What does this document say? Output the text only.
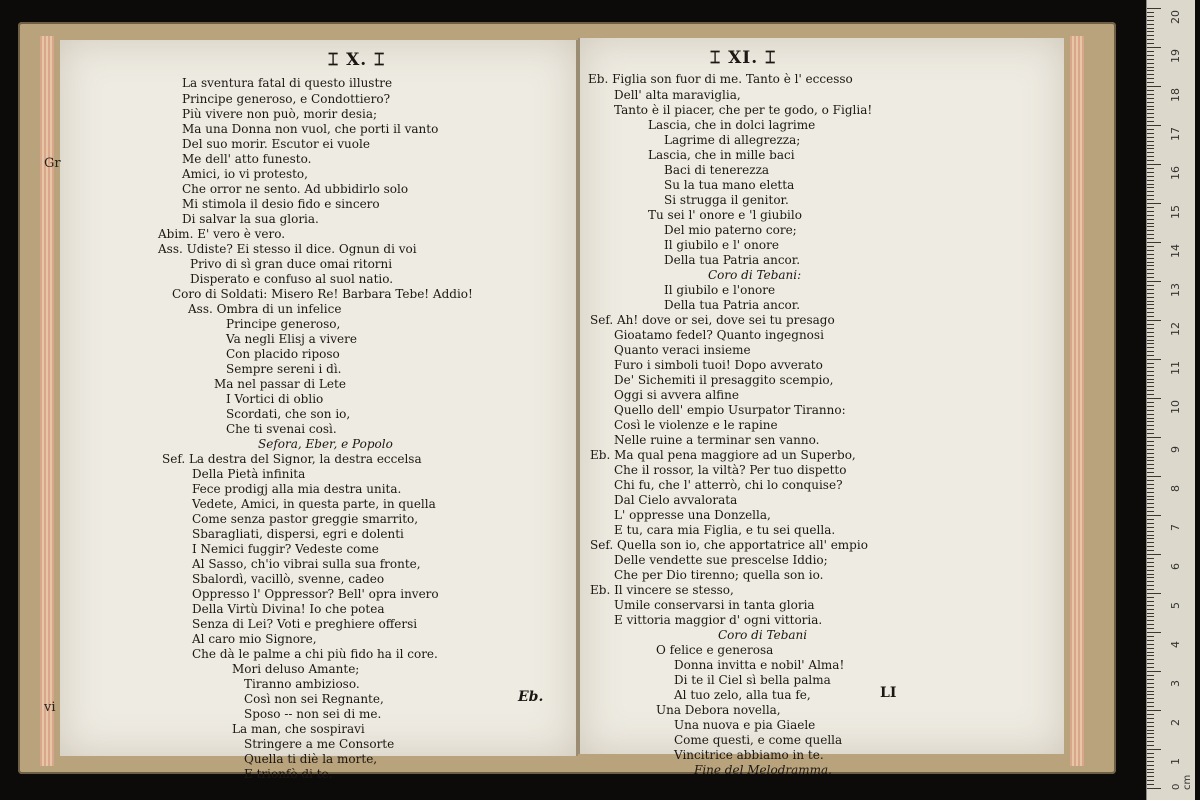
⌶ X. ⌶
La sventura fatal di questo illustre
Principe generoso, e Condottiero?
Più vivere non può, morir desia;
Ma una Donna non vuol, che porti il vanto
Del suo morir. Escutor ei vuole
Me dell' atto funesto.
Amici, io vi protesto,
Che orror ne sento. Ad ubbidirlo solo
Mi stimola il desio fido e sincero
Di salvar la sua gloria.
Abim. E' vero è vero.
Ass. Udiste? Ei stesso il dice. Ognun di voi
Privo di sì gran duce omai ritorni
Disperato e confuso al suol natio.
Coro di Soldati: Misero Re! Barbara Tebe! Addio!
Ass. Ombra di un infelice
Principe generoso,
Va negli Elisj a vivere
Con placido riposo
Sempre sereni i dì.
Ma nel passar di Lete
I Vortici di oblio
Scordati, che son io,
Che ti svenai così.
Sefora, Eber, e Popolo
Sef. La destra del Signor, la destra eccelsa
Della Pietà infinita
Fece prodigj alla mia destra unita.
Vedete, Amici, in questa parte, in quella
Come senza pastor greggie smarrito,
Sbaragliati, dispersi, egri e dolenti
I Nemici fuggir? Vedeste come
Al Sasso, ch'io vibrai sulla sua fronte,
Sbalordì, vacillò, svenne, cadeo
Oppresso l' Oppressor? Bell' opra invero
Della Virtù Divina! Io che potea
Senza di Lei? Voti e preghiere offersi
Al caro mio Signore,
Che dà le palme a chi più fido ha il core.
Mori deluso Amante;
Tiranno ambizioso.
Così non sei Regnante,
Sposo -- non sei di me.
La man, che sospiravi
Stringere a me Consorte
Quella ti diè la morte,
E trionfò di te.
Eb.
Gr
vi
⌶ XI. ⌶
Eb. Figlia son fuor di me. Tanto è l' eccesso
Dell' alta maraviglia,
Tanto è il piacer, che per te godo, o Figlia!
Lascia, che in dolci lagrime
Lagrime di allegrezza;
Lascia, che in mille baci
Baci di tenerezza
Su la tua mano eletta
Si strugga il genitor.
Tu sei l' onore e 'l giubilo
Del mio paterno core;
Il giubilo e l' onore
Della tua Patria ancor.
Coro di Tebani:
Il giubilo e l'onore
Della tua Patria ancor.
Sef. Ah! dove or sei, dove sei tu presago
Gioatamo fedel? Quanto ingegnosi
Quanto veraci insieme
Furo i simboli tuoi! Dopo avverato
De' Sichemiti il presaggito scempio,
Oggi si avvera alfine
Quello dell' empio Usurpator Tiranno:
Così le violenze e le rapine
Nelle ruine a terminar sen vanno.
Eb. Ma qual pena maggiore ad un Superbo,
Che il rossor, la viltà? Per tuo dispetto
Chi fu, che l' atterrò, chi lo conquise?
Dal Cielo avvalorata
L' oppresse una Donzella,
E tu, cara mia Figlia, e tu sei quella.
Sef. Quella son io, che apportatrice all' empio
Delle vendette sue prescelse Iddio;
Che per Dio tirenno; quella son io.
Eb. Il vincere se stesso,
Umile conservarsi in tanta gloria
E vittoria maggior d' ogni vittoria.
Coro di Tebani
O felice e generosa
Donna invitta e nobil' Alma!
Di te il Ciel sì bella palma
Al tuo zelo, alla tua fe,
Una Debora novella,
Una nuova e pia Giaele
Come questi, e come quella
Vincitrice abbiamo in te.
Fine del Melodramma.
LI
0 cm
20
19
18
17
16
15
14
13
12
11
10
9
8
7
6
5
4
3
2
1
